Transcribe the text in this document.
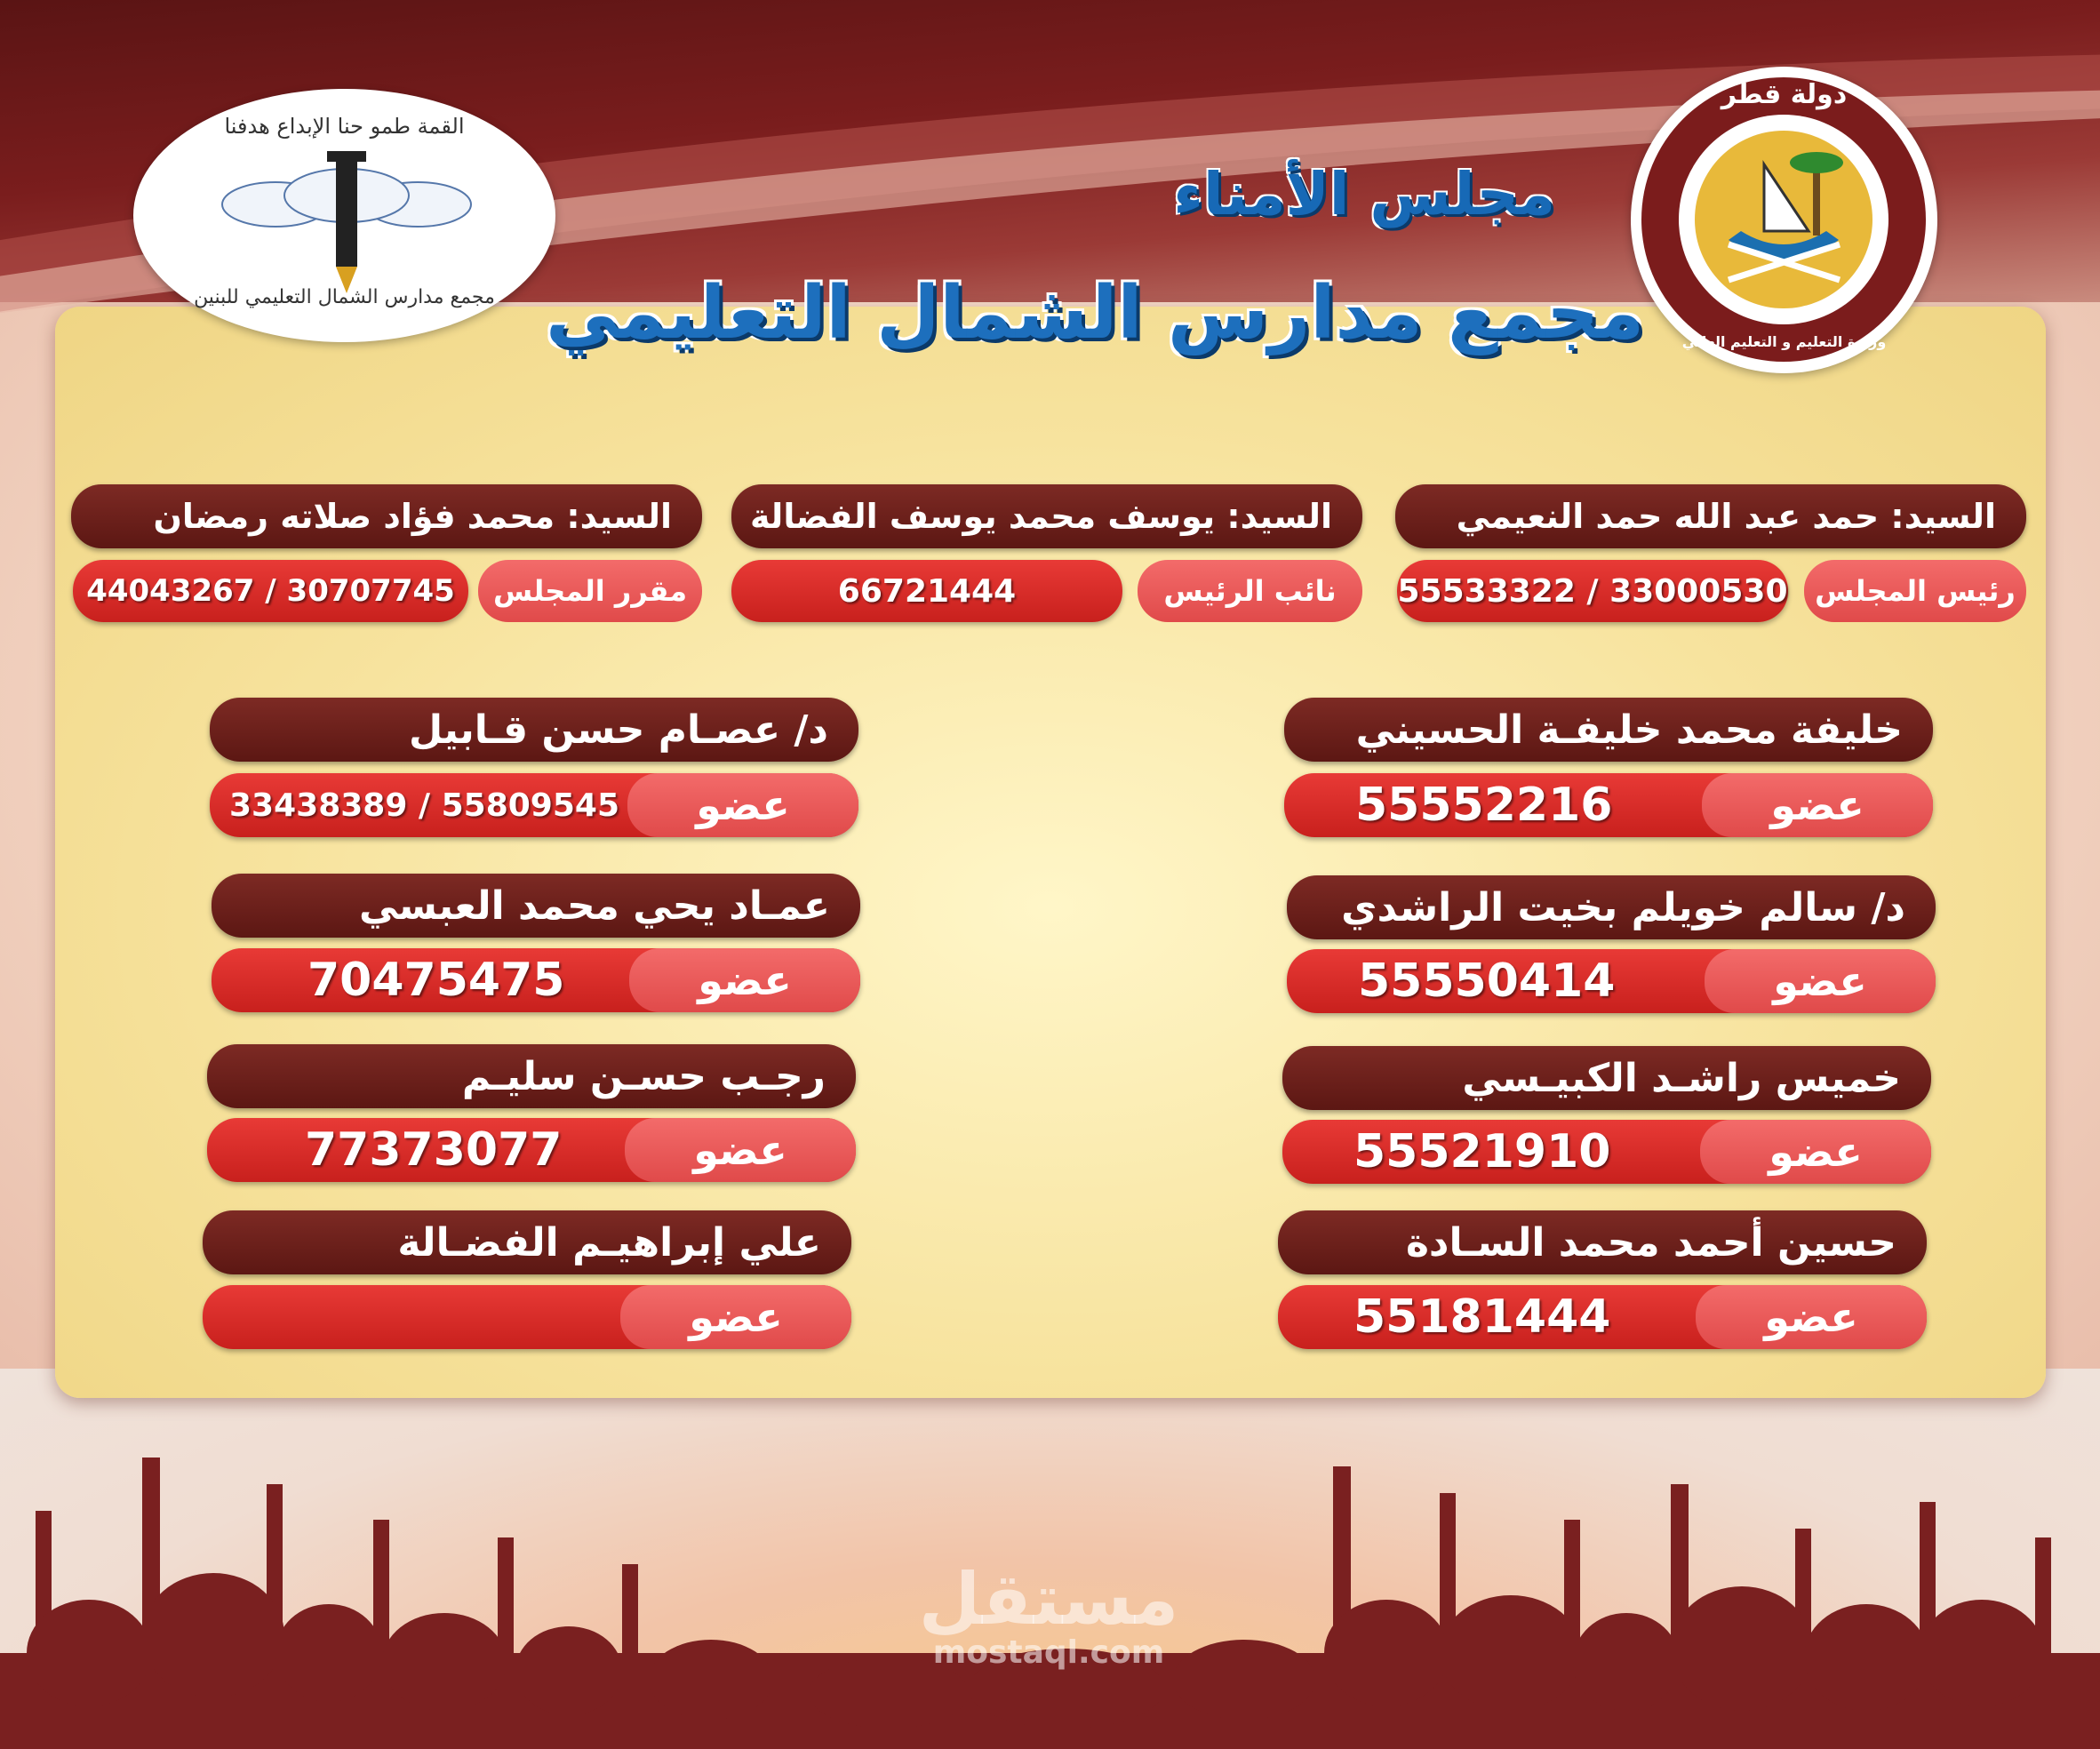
دولة قطر
وزارة التعليم و التعليم العالي
القمة طمو حنا الإبداع هدفنا
مجمع مدارس الشمال التعليمي للبنين
مجلس الأمناء
مجمع مدارس الشمال التعليمي
السيد: حمد عبد الله حمد النعيمي
55533322 / 33000530 رئيس المجلس
السيد: يوسف محمد يوسف الفضالة
66721444	نائب الرئيس
السيد: محمد فؤاد صلاته رمضان
44043267 / 30707745	مقرر المجلس
خليفة محمد خليفـة الحسيني
55552216	عضو
د/ سالم خويلم بخيت الراشدي
55550414	عضو
خميس راشـد الكبيـسي
55521910	عضو
حسين أحمد محمد السـادة
55181444	عضو
د/ عصـام حسن قـابيل
33438389 / 55809545	عضو
عمـاد يحي محمد العبسي
70475475	عضو
رجـب حسـن سليـم
77373077	عضو
علي إبراهيـم الفضـالة
عضو
مستقل
mostaql.com
